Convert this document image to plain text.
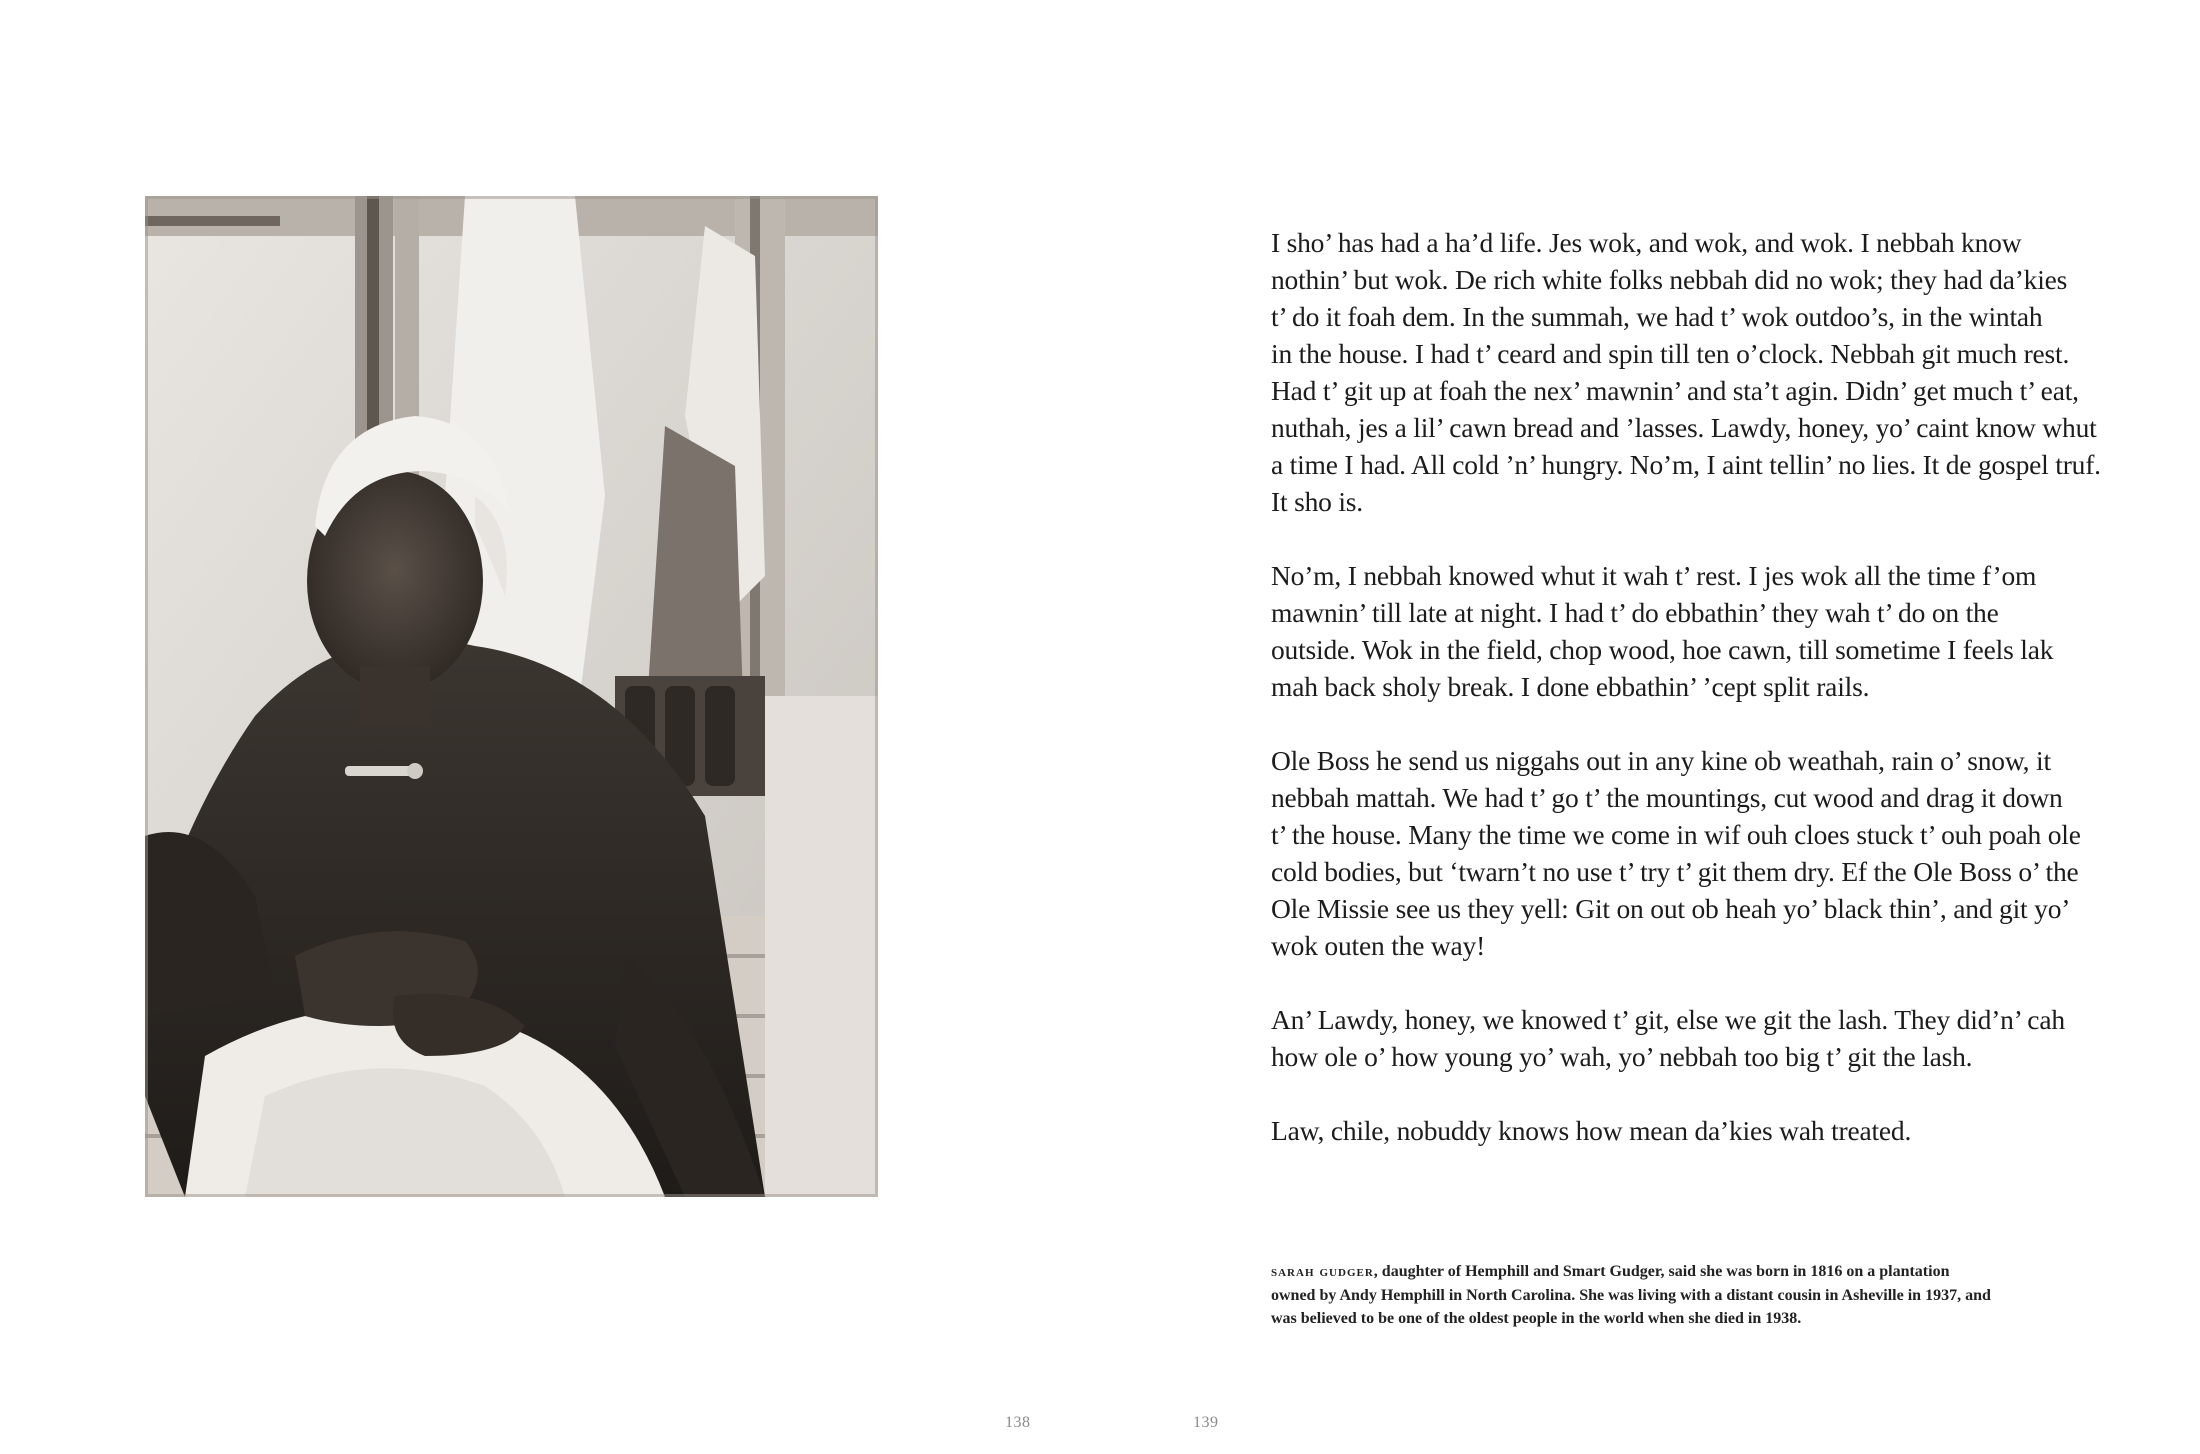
138

I sho’ has had a ha’d life. Jes wok, and wok, and wok. I nebbah know
nothin’ but wok. De rich white folks nebbah did no wok; they had da’kies
t’ do it foah dem. In the summah, we had t’ wok outdoo’s, in the wintah
in the house. I had t’ ceard and spin till ten o’clock. Nebbah git much rest.
Had t’ git up at foah the nex’ mawnin’ and sta’t agin. Didn’ get much t’ eat,
nuthah, jes a lil’ cawn bread and ’lasses. Lawdy, honey, yo’ caint know whut
a time I had. All cold ’n’ hungry. No’m, I aint tellin’ no lies. It de gospel truf.
It sho is.

No’m, I nebbah knowed whut it wah t’ rest. I jes wok all the time f’om
mawnin’ till late at night. I had t’ do ebbathin’ they wah t’ do on the
outside. Wok in the field, chop wood, hoe cawn, till sometime I feels lak
mah back sholy break. I done ebbathin’ ’cept split rails.

Ole Boss he send us niggahs out in any kine ob weathah, rain o’ snow, it
nebbah mattah. We had t’ go t’ the mountings, cut wood and drag it down
t’ the house. Many the time we come in wif ouh cloes stuck t’ ouh poah ole
cold bodies, but ‘twarn’t no use t’ try t’ git them dry. Ef the Ole Boss o’ the
Ole Missie see us they yell: Git on out ob heah yo’ black thin’, and git yo’
wok outen the way!

An’ Lawdy, honey, we knowed t’ git, else we git the lash. They did’n’ cah
how ole o’ how young yo’ wah, yo’ nebbah too big t’ git the lash.

Law, chile, nobuddy knows how mean da’kies wah treated.

sarah gudger, daughter of Hemphill and Smart Gudger, said she was born in 1816 on a plantation
owned by Andy Hemphill in North Carolina. She was living with a distant cousin in Asheville in 1937, and
was believed to be one of the oldest people in the world when she died in 1938.
139
